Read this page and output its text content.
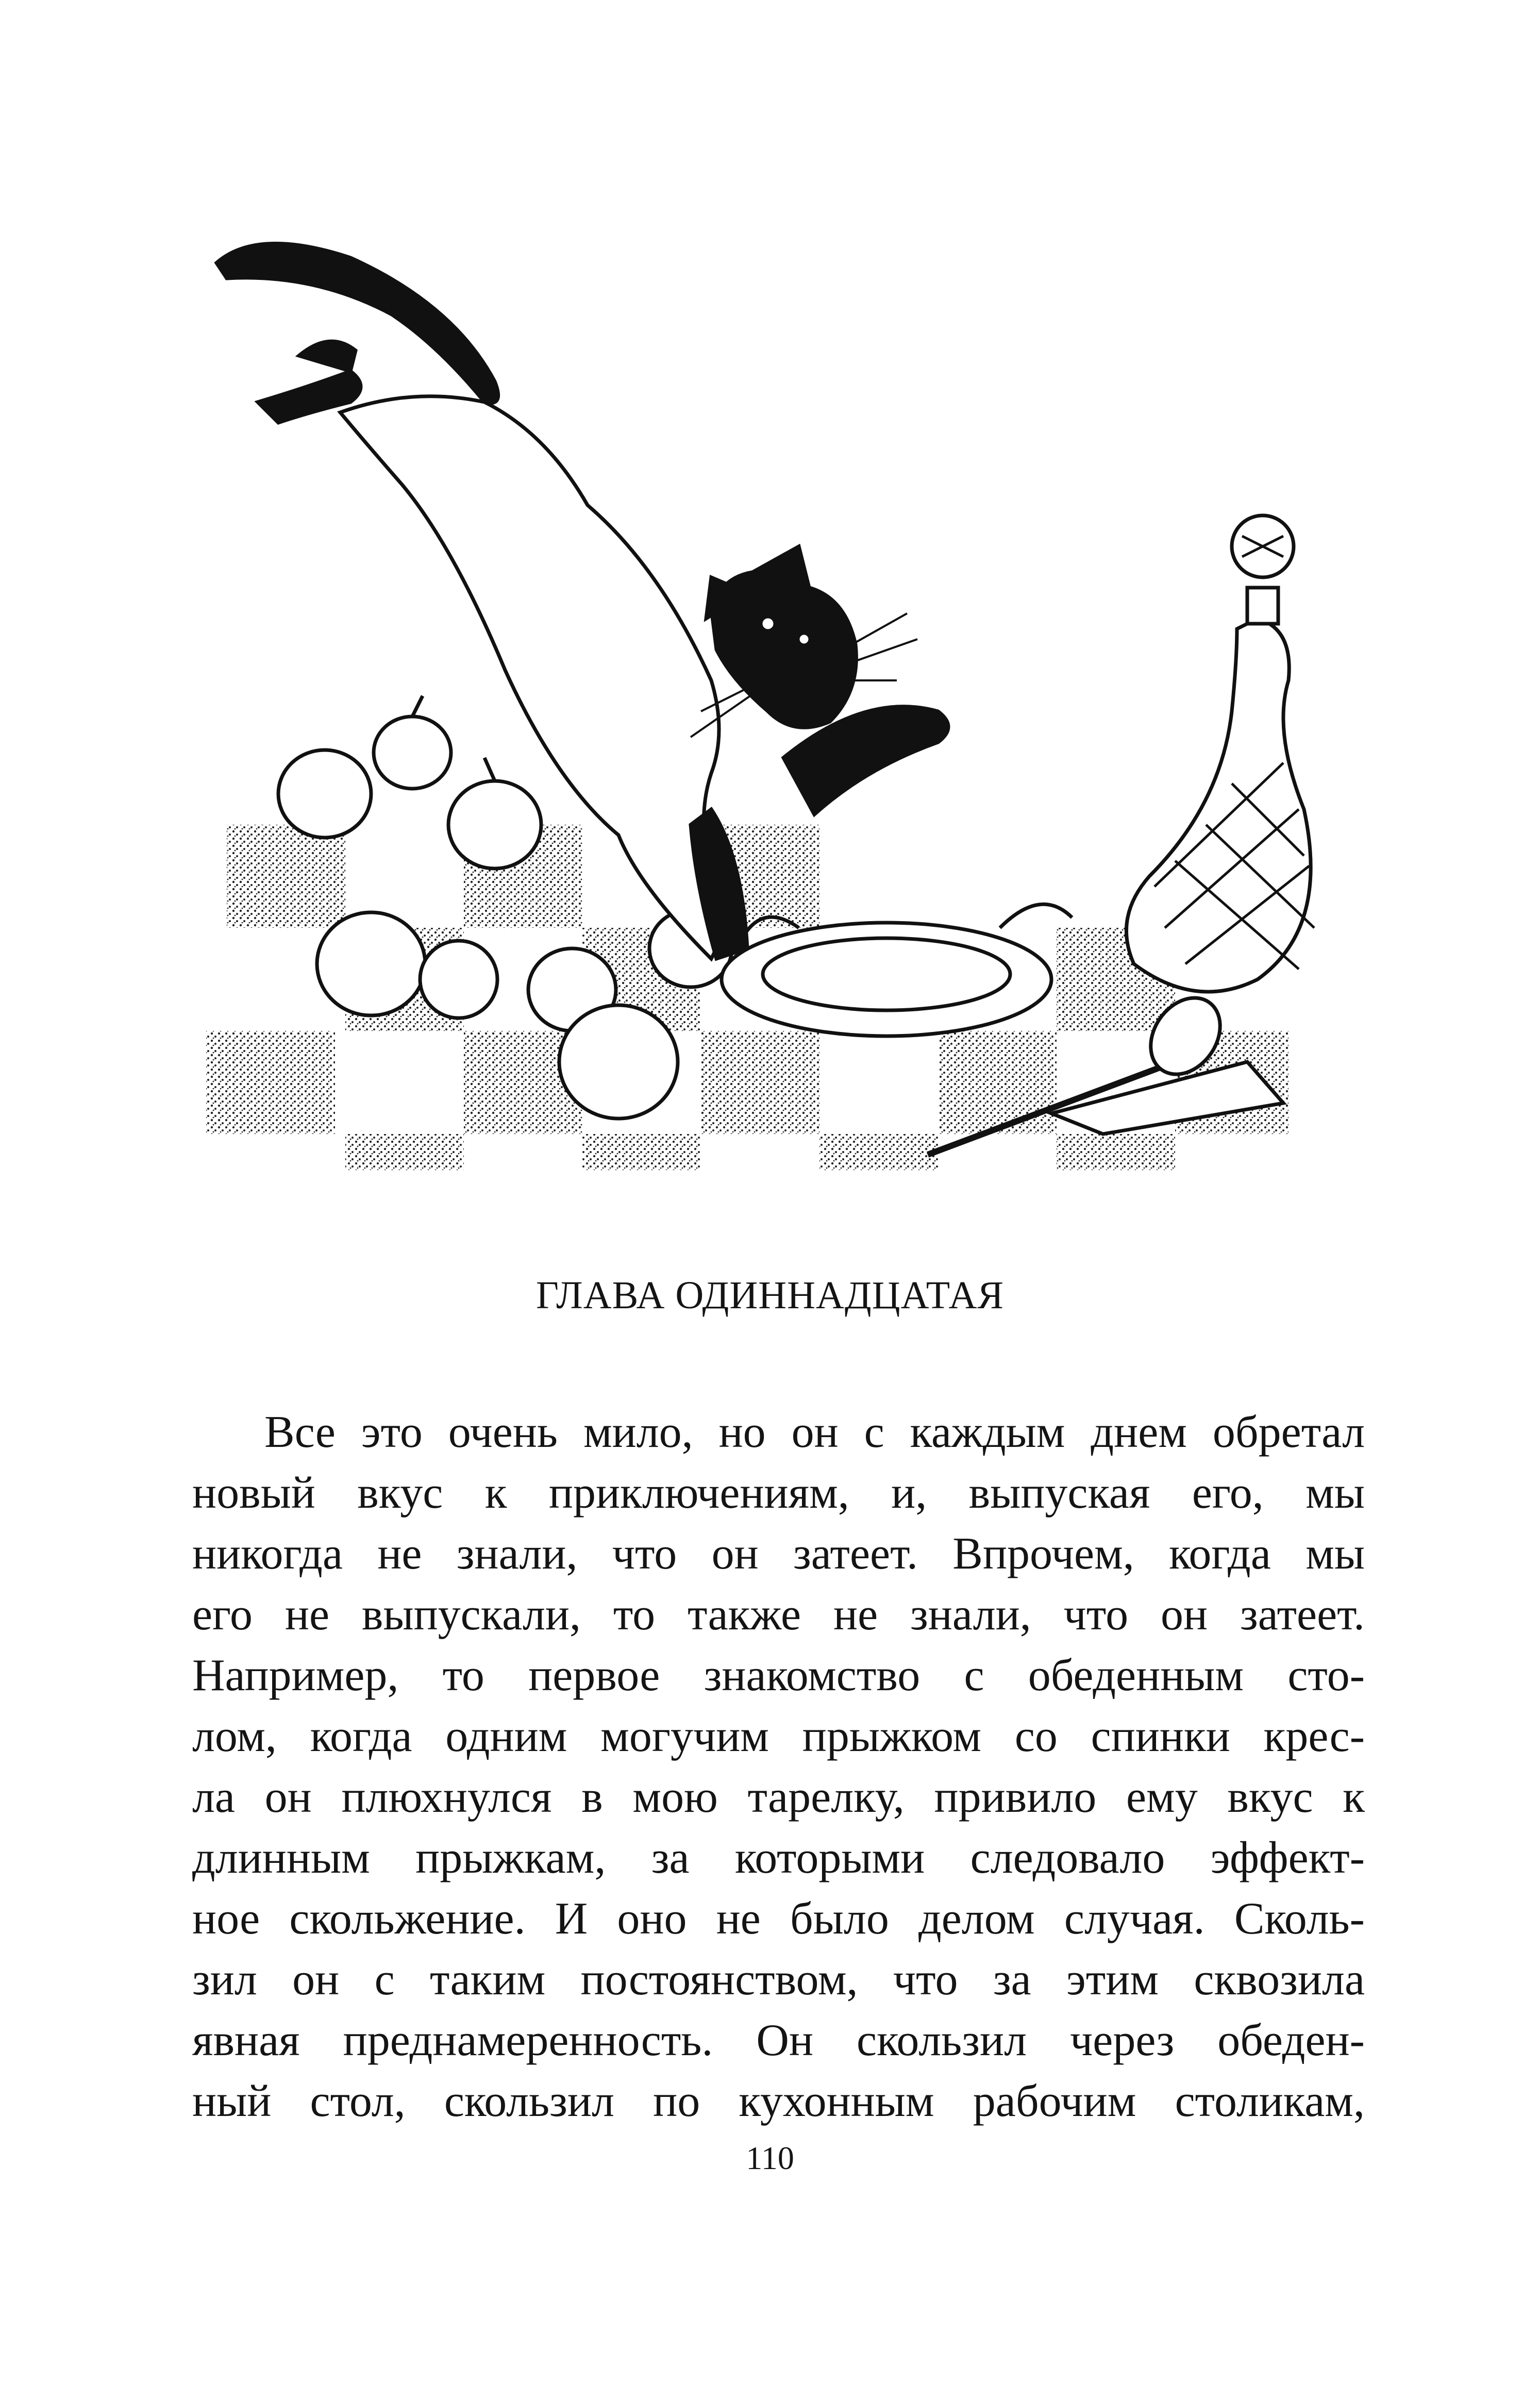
ГЛАВА ОДИННАДЦАТАЯ
Все это очень мило, но он с каждым днем обретал
новый вкус к приключениям, и, выпуская его, мы
никогда не знали, что он затеет. Впрочем, когда мы
его не выпускали, то также не знали, что он затеет.
Например, то первое знакомство с обеденным сто-
лом, когда одним могучим прыжком со спинки крес-
ла он плюхнулся в мою тарелку, привило ему вкус к
длинным прыжкам, за которыми следовало эффект-
ное скольжение. И оно не было делом случая. Сколь-
зил он с таким постоянством, что за этим сквозила
явная преднамеренность. Он скользил через обеден-
ный стол, скользил по кухонным рабочим столикам,
110
